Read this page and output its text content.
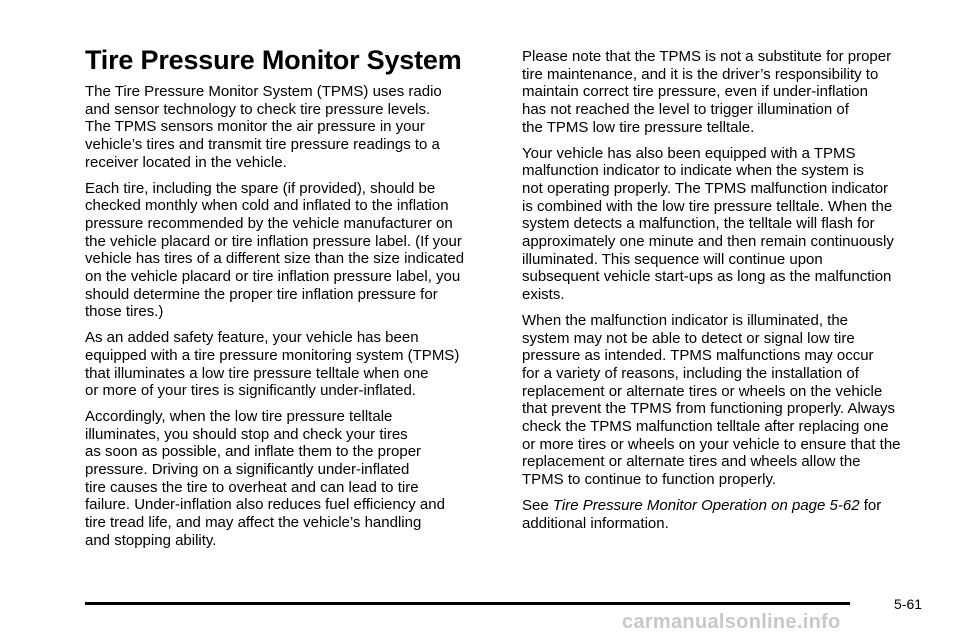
Tire Pressure Monitor System

The Tire Pressure Monitor System (TPMS) uses radio
and sensor technology to check tire pressure levels.
The TPMS sensors monitor the air pressure in your
vehicle’s tires and transmit tire pressure readings to a
receiver located in the vehicle.

Each tire, including the spare (if provided), should be
checked monthly when cold and inflated to the inflation
pressure recommended by the vehicle manufacturer on
the vehicle placard or tire inflation pressure label. (If your
vehicle has tires of a different size than the size indicated
on the vehicle placard or tire inflation pressure label, you
should determine the proper tire inflation pressure for
those tires.)

As an added safety feature, your vehicle has been
equipped with a tire pressure monitoring system (TPMS)
that illuminates a low tire pressure telltale when one
or more of your tires is significantly under-inflated.

Accordingly, when the low tire pressure telltale
illuminates, you should stop and check your tires
as soon as possible, and inflate them to the proper
pressure. Driving on a significantly under-inflated
tire causes the tire to overheat and can lead to tire
failure. Under-inflation also reduces fuel efficiency and
tire tread life, and may affect the vehicle’s handling
and stopping ability.

Please note that the TPMS is not a substitute for proper
tire maintenance, and it is the driver’s responsibility to
maintain correct tire pressure, even if under-inflation
has not reached the level to trigger illumination of
the TPMS low tire pressure telltale.

Your vehicle has also been equipped with a TPMS
malfunction indicator to indicate when the system is
not operating properly. The TPMS malfunction indicator
is combined with the low tire pressure telltale. When the
system detects a malfunction, the telltale will flash for
approximately one minute and then remain continuously
illuminated. This sequence will continue upon
subsequent vehicle start-ups as long as the malfunction
exists.

When the malfunction indicator is illuminated, the
system may not be able to detect or signal low tire
pressure as intended. TPMS malfunctions may occur
for a variety of reasons, including the installation of
replacement or alternate tires or wheels on the vehicle
that prevent the TPMS from functioning properly. Always
check the TPMS malfunction telltale after replacing one
or more tires or wheels on your vehicle to ensure that the
replacement or alternate tires and wheels allow the
TPMS to continue to function properly.

See Tire Pressure Monitor Operation on page 5-62 for
additional information.

5-61
carmanualsonline.info
